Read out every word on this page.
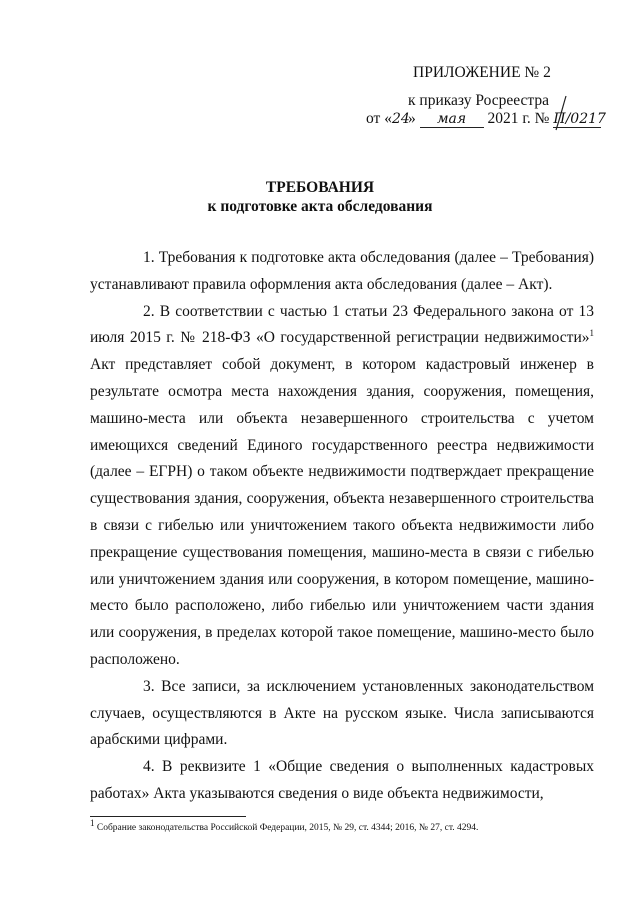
ПРИЛОЖЕНИЕ № 2
к приказу Росреестра
от «24» мая 2021 г. № П/0217
ТРЕБОВАНИЯ
к подготовке акта обследования

1. Требования к подготовке акта обследования (далее – Требования) устанавливают правила оформления акта обследования (далее – Акт).

2. В соответствии с частью 1 статьи 23 Федерального закона от 13 июля 2015 г. № 218-ФЗ «О государственной регистрации недвижимости»$^1$ Акт представляет собой документ, в котором кадастровый инженер в результате осмотра места нахождения здания, сооружения, помещения, машино-места или объекта незавершенного строительства с учетом имеющихся сведений Единого государственного реестра недвижимости (далее – ЕГРН) о таком объекте недвижимости подтверждает прекращение существования здания, сооружения, объекта незавершенного строительства в связи с гибелью или уничтожением такого объекта недвижимости либо прекращение существования помещения, машино-места в связи с гибелью или уничтожением здания или сооружения, в котором помещение, машино-место было расположено, либо гибелью или уничтожением части здания или сооружения, в пределах которой такое помещение, машино-место было расположено.

3. Все записи, за исключением установленных законодательством случаев, осуществляются в Акте на русском языке. Числа записываются арабскими цифрами.

4. В реквизите 1 «Общие сведения о выполненных кадастровых работах» Акта указываются сведения о виде объекта недвижимости,

$^1$ Собрание законодательства Российской Федерации, 2015, № 29, ст. 4344; 2016, № 27, ст. 4294.
